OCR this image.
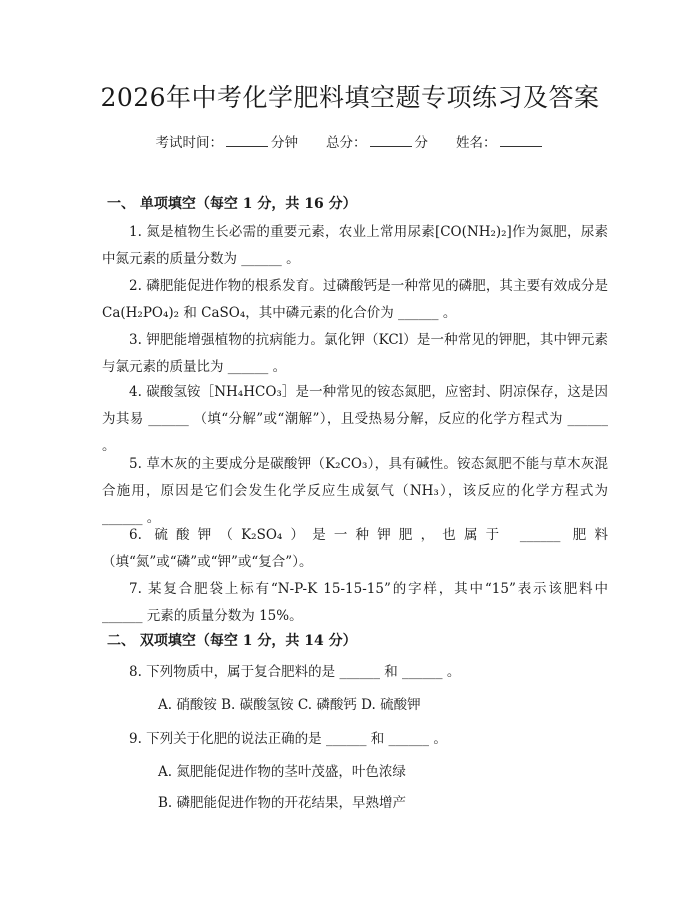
2026年中考化学肥料填空题专项练习及答案
考试时间：	分钟 总分：	分 姓名：
一、 单项填空（每空 1 分，共 16 分）
1. 氮是植物生长必需的重要元素，农业上常用尿素[CO(NH₂)₂]作为氮肥，尿素中氮元素的质量分数为 ______ 。
2. 磷肥能促进作物的根系发育。过磷酸钙是一种常见的磷肥，其主要有效成分是 Ca(H₂PO₄)₂ 和 CaSO₄，其中磷元素的化合价为 ______ 。
3. 钾肥能增强植物的抗病能力。氯化钾（KCl）是一种常见的钾肥，其中钾元素与氯元素的质量比为 ______ 。
4. 碳酸氢铵［NH₄HCO₃］是一种常见的铵态氮肥，应密封、阴凉保存，这是因为其易 ______ （填“分解”或“潮解”），且受热易分解，反应的化学方程式为 ______ 。
5. 草木灰的主要成分是碳酸钾（K₂CO₃），具有碱性。铵态氮肥不能与草木灰混合施用，原因是它们会发生化学反应生成氨气（NH₃），该反应的化学方程式为 ______ 。
6. 硫酸钾（K₂SO₄）是一种钾肥，也属于 ______ 肥料（填“氮”或“磷”或“钾”或“复合”）。
7. 某复合肥袋上标有“N-P-K 15-15-15”的字样，其中“15”表示该肥料中 ______ 元素的质量分数为 15%。
二、 双项填空（每空 1 分，共 14 分）
8. 下列物质中，属于复合肥料的是 ______ 和 ______ 。
A. 硝酸铵 B. 碳酸氢铵 C. 磷酸钙 D. 硫酸钾
9. 下列关于化肥的说法正确的是 ______ 和 ______ 。
A. 氮肥能促进作物的茎叶茂盛，叶色浓绿
B. 磷肥能促进作物的开花结果，早熟增产
